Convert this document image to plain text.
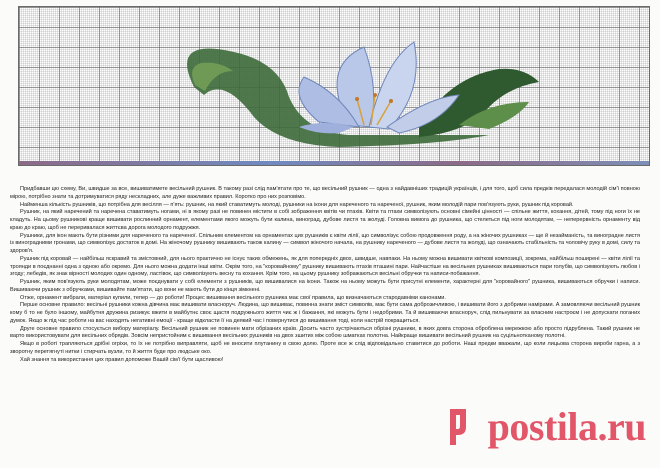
Придбавши цю схему, Ви, швидше за все, вишиватимете весільний рушник. В такому разі слід пам'ятати про те, що весільний рушник — одна з найдавніших традицій українців, і для того, щоб сила предків передалася молодій сім'ї повною мірою, потрібно знати та дотримуватися ряду нескладних, але дуже важливих правил. Коротко про них розповімо.

Найменша кількість рушників, що потрібна для весілля — п'ять: рушник, на який ставатимуть молоді, рушники на ікони для нареченого та нареченої, рушник, яким молодій пари пов'язують руки, рушник під коровай.

Рушник, на який наречений та наречена ставатимуть ногами, ні в якому разі не повинен містити в собі зображення квітів чи птахів. Квіти та птахи символізують основні сімейні цінності — спільне життя, кохання, дітей, тому під ноги їх не кладуть. На цьому рушникові краще вишивати рослинний орнамент, елементами якого можуть бути калина, виноград, дубове листя та жолуді. Головна вимога до рушника, що стелеться під ноги молодятам, — неперервність орнаменту від краю до краю, щоб не переривалася життєва дорога молодого подружжя.

Рушники, для ікон мають бути різними для нареченого та нареченої. Спільним елементом на орнаментах цих рушників є квіти лілії, що символізує собою продовження роду, а на жіночих рушниках — ще й незайманість, та виноградне листя із виноградними гронами, що символізує достаток в домі. На жіночому рушнику вишивають також калину — символ жіночого начала, на рушнику нареченого — дубове листя та жолуді, що означають стабільність та чоловічу руку в домі, силу та здоров'я.

Рушник під коровай — найбільш яскравий та змістовний, для нього практично не існує таких обмежень, як для попередніх двох, швидше, навпаки. На ньому можна вишивати квіткові композиції, зокрема, найбільш поширені — квіти лілії та троянди в поєднанні одна з одною або окремо. Для нього можна додати інші квіти. Окрім того, на "коровайному" рушнику вишивають птахів пташині пари. Найчастіше на весільних рушниках вишиваються пари голубів, що символізують любов і згоду; лебедів, як знак вірності молодих один одному, ластівок, що символізують весну та кохання. Крім того, на цьому рушнику зображаються весільні обручки та написи-побажання.

Рушник, яким пов'язують руки молодятам, може поєднувати у собі елементи з рушників, що вишивалися на ікони. Також на ньому можуть бути присутні елементи, характерні для "коровайного" рушника, вишиваються обручки і написи. Вишиваючи рушник з обручками, вишивайте пам'ятати, що вони не мають бути до кінця зімкнені.

Отже, орнамент вибрали, матеріал купили, тепер — до роботи! Процес вишивання весільного рушника має свої правила, що визначаються стародавніми канонами.

Перше основне правило: весільні рушники кожна дівчина має вишивати власноруч. Людина, що вишиває, повинна знати зміст символів, має бути сама доброзичливою, і вишивати його з добрими намірами. А замовляючи весільний рушник кому б то не було іншому, майбутня дружина ризикує вжити в майбутнє своє щастя подружнього життя чиє ж і бажання, які можуть бути і недобрими. Та й вишиваючи власноруч, слід пильнувати за власним настроєм і не допускати поганих думок. Якщо ж під час роботи на вас находять негативні емоції - краще відкласти її на деякий час і повернутися до вишивання тоді, коли настрій покращиться.

Друге основне правило стосується вибору матеріалу. Весільний рушник не повинен мати обрізаних країв. Досить часто зустрічаються обрізні рушники, в яких довга сторона оброблена мережкою або просто підрублена. Такий рушник не варто використовувати для весільних обрядів. Зовсім непристойним є вишивання весільних рушників на двох зшитих між собою шматках полотна. Найкраще вишивати весільний рушник на суцільнотканому полотні.

Якщо в роботі трапляються дрібні огріхи, то їх не потрібно виправляти, щоб не вносити плутанину в свою долю. Проте все ж слід відповідально ставитися до роботи. Наші предки вважали, що коли лицьова сторона вироби гарна, а з зворотну перетягнуті нитки і стирчать вузли, то й життя буде про людське око.

Хай знання та використання цих правил допоможе Вашій сім'ї бути щасливою!

postila.ru
